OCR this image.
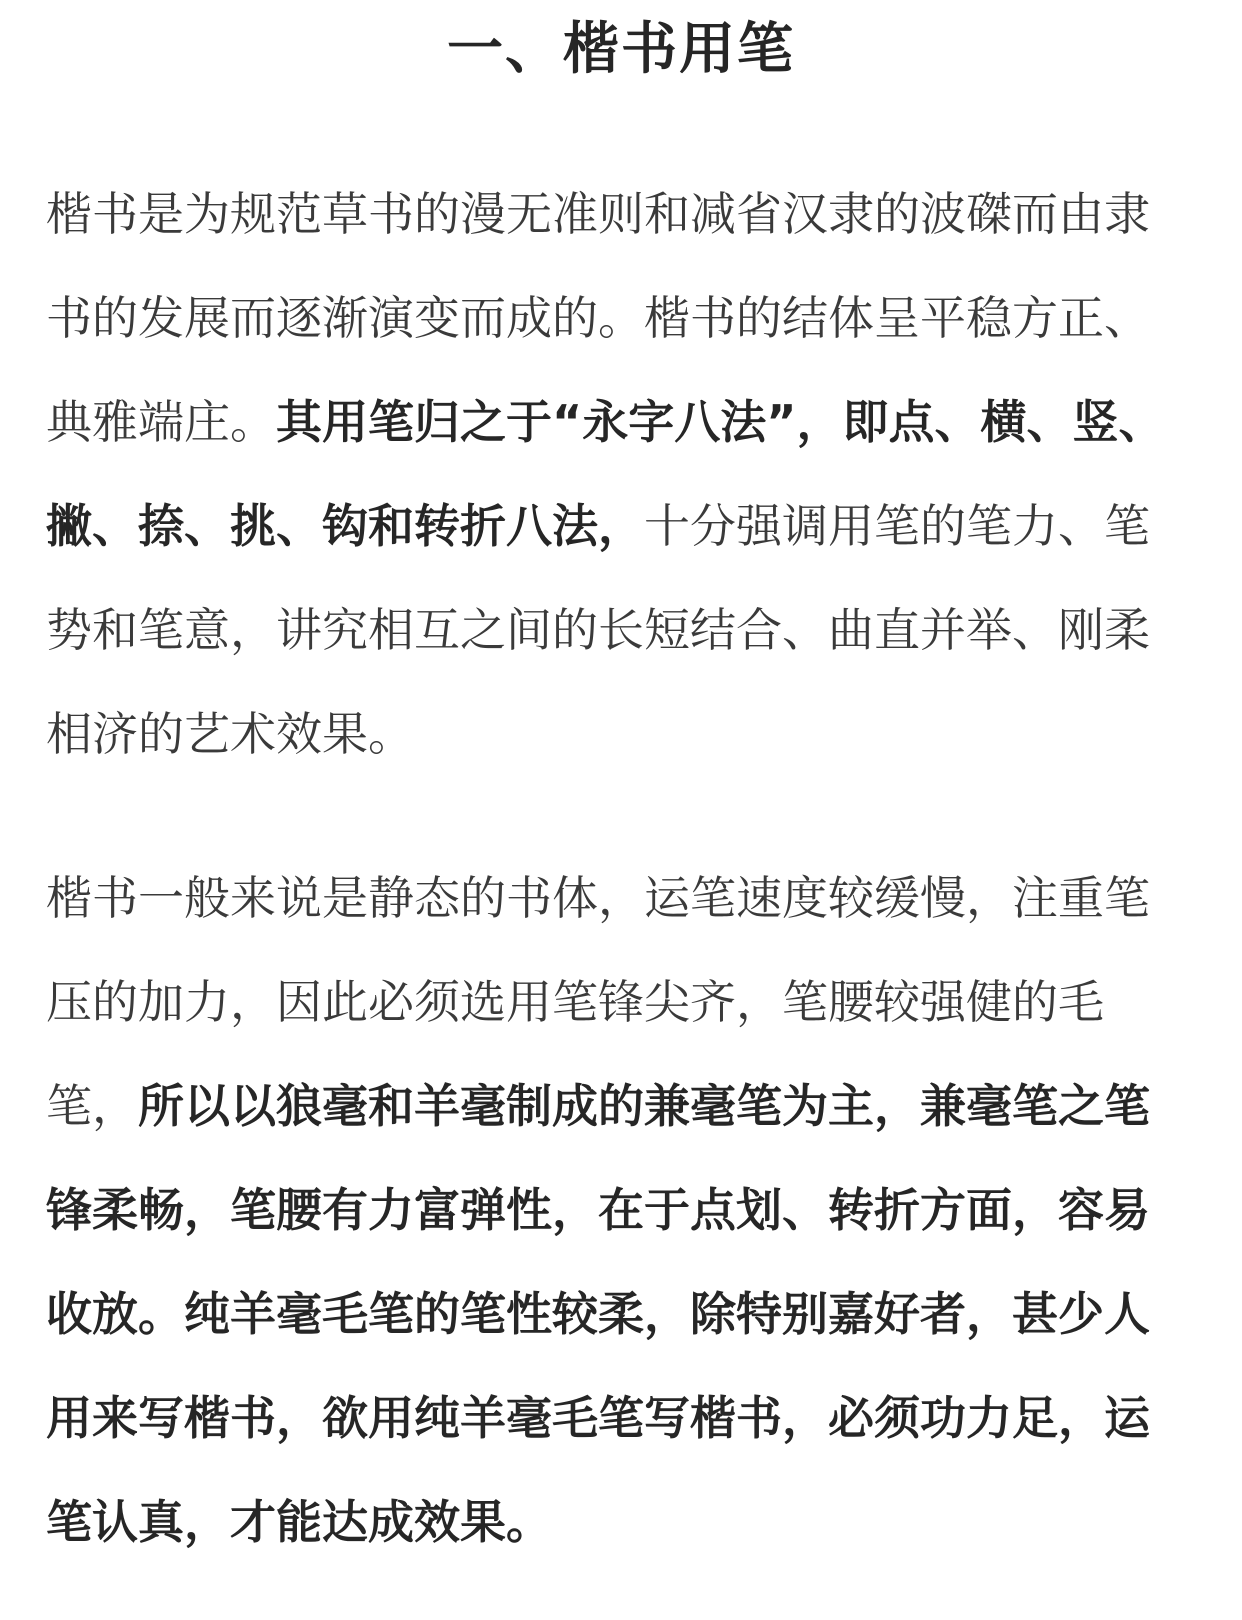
一、楷书用笔
楷书是为规范草书的漫无准则和减省汉隶的波磔而由隶
书的发展而逐渐演变而成的。楷书的结体呈平稳方正、
典雅端庄。其用笔归之于“永字八法”，即点、横、竖、
撇、捺、挑、钩和转折八法，十分强调用笔的笔力、笔
势和笔意，讲究相互之间的长短结合、曲直并举、刚柔
相济的艺术效果。
楷书一般来说是静态的书体，运笔速度较缓慢，注重笔
压的加力，因此必须选用笔锋尖齐，笔腰较强健的毛
笔，所以以狼毫和羊毫制成的兼毫笔为主，兼毫笔之笔
锋柔畅，笔腰有力富弹性，在于点划、转折方面，容易
收放。纯羊毫毛笔的笔性较柔，除特别嘉好者，甚少人
用来写楷书，欲用纯羊毫毛笔写楷书，必须功力足，运
笔认真，才能达成效果。
